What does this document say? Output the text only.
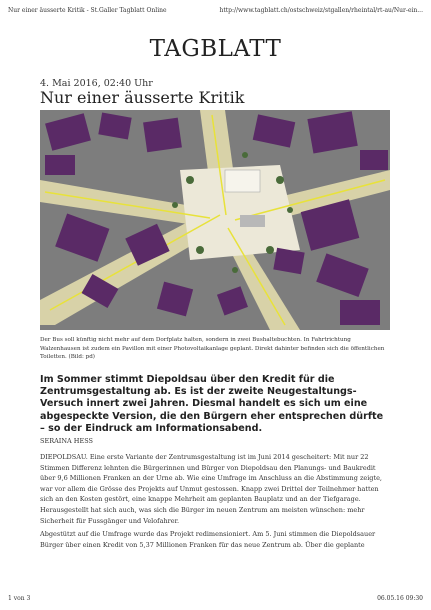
Nur einer äusserte Kritik - St.Galler Tagblatt Online	http://www.tagblatt.ch/ostschweiz/stgallen/rheintal/rt-au/Nur-ein...
TAGBLATT
4. Mai 2016, 02:40 Uhr
Nur einer äusserte Kritik
Der Bus soll künftig nicht mehr auf dem Dorfplatz halten, sondern in zwei Bushaltebuchten. In Fahrtrichtung Walzenhausen ist zudem ein Pavillon mit einer Photovoltaikanlage geplant. Direkt dahinter befinden sich die öffentlichen Toiletten. (Bild: pd)
Im Sommer stimmt Diepoldsau über den Kredit für die Zentrumsgestaltung ab. Es ist der zweite Neugestaltungs-Versuch innert zwei Jahren. Diesmal handelt es sich um eine abgespeckte Version, die den Bürgern eher entsprechen dürfte – so der Eindruck am Informationsabend.
SERAINA HESS

DIEPOLDSAU. Eine erste Variante der Zentrumsgestaltung ist im Juni 2014 gescheitert: Mit nur 22 Stimmen Differenz lehnten die Bürgerinnen und Bürger von Diepoldsau den Planungs- und Baukredit über 9,6 Millionen Franken an der Urne ab. Wie eine Umfrage im Anschluss an die Abstimmung zeigte, war vor allem die Grösse des Projekts auf Unmut gestossen. Knapp zwei Drittel der Teilnehmer hatten sich an den Kosten gestört, eine knappe Mehrheit am geplanten Bauplatz und an der Tiefgarage. Herausgestellt hat sich auch, was sich die Bürger im neuen Zentrum am meisten wünschen: mehr Sicherheit für Fussgänger und Velofahrer.

Abgestützt auf die Umfrage wurde das Projekt redimensioniert. Am 5. Juni stimmen die Diepoldsauer Bürger über einen Kredit von 5,37 Millionen Franken für das neue Zentrum ab. Über die geplante

1 von 3	06.05.16 09:30
